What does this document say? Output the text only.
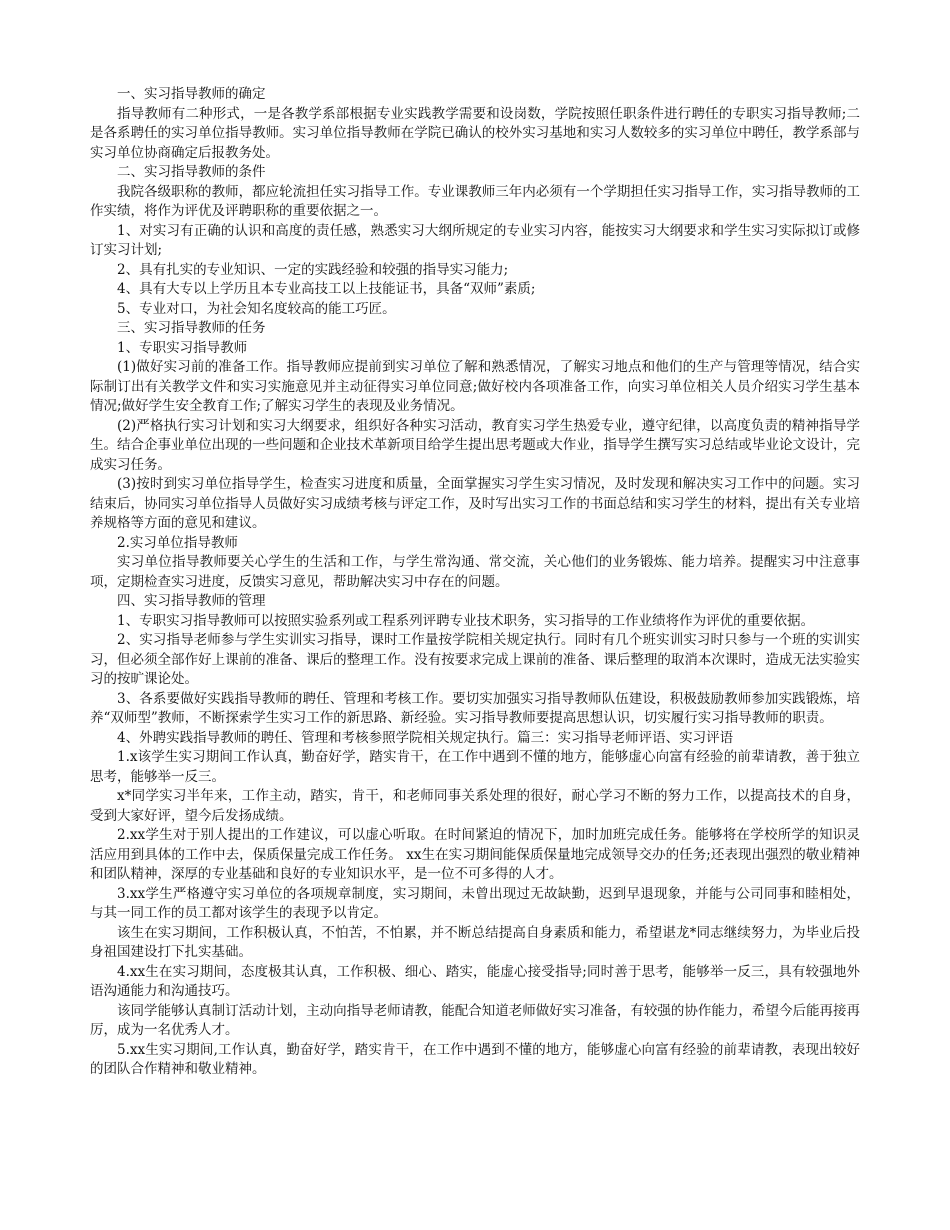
一、实习指导教师的确定

指导教师有二种形式，一是各教学系部根据专业实践教学需要和设岗数，学院按照任职条件进行聘任的专职实习指导教师;二是各系聘任的实习单位指导教师。实习单位指导教师在学院已确认的校外实习基地和实习人数较多的实习单位中聘任，教学系部与实习单位协商确定后报教务处。

二、实习指导教师的条件

我院各级职称的教师，都应轮流担任实习指导工作。专业课教师三年内必须有一个学期担任实习指导工作，实习指导教师的工作实绩，将作为评优及评聘职称的重要依据之一。

1、对实习有正确的认识和高度的责任感，熟悉实习大纲所规定的专业实习内容，能按实习大纲要求和学生实习实际拟订或修订实习计划;

2、具有扎实的专业知识、一定的实践经验和较强的指导实习能力;

4、具有大专以上学历且本专业高技工以上技能证书，具备“双师”素质;

5、专业对口，为社会知名度较高的能工巧匠。

三、实习指导教师的任务

1、专职实习指导教师

(1)做好实习前的准备工作。指导教师应提前到实习单位了解和熟悉情况，了解实习地点和他们的生产与管理等情况，结合实际制订出有关教学文件和实习实施意见并主动征得实习单位同意;做好校内各项准备工作，向实习单位相关人员介绍实习学生基本情况;做好学生安全教育工作;了解实习学生的表现及业务情况。

(2)严格执行实习计划和实习大纲要求，组织好各种实习活动，教育实习学生热爱专业，遵守纪律，以高度负责的精神指导学生。结合企事业单位出现的一些问题和企业技术革新项目给学生提出思考题或大作业，指导学生撰写实习总结或毕业论文设计，完成实习任务。

(3)按时到实习单位指导学生，检查实习进度和质量，全面掌握实习学生实习情况，及时发现和解决实习工作中的问题。实习结束后，协同实习单位指导人员做好实习成绩考核与评定工作，及时写出实习工作的书面总结和实习学生的材料，提出有关专业培养规格等方面的意见和建议。

2.实习单位指导教师

实习单位指导教师要关心学生的生活和工作，与学生常沟通、常交流，关心他们的业务锻炼、能力培养。提醒实习中注意事项，定期检查实习进度，反馈实习意见，帮助解决实习中存在的问题。

四、实习指导教师的管理

1、专职实习指导教师可以按照实验系列或工程系列评聘专业技术职务，实习指导的工作业绩将作为评优的重要依据。

2、实习指导老师参与学生实训实习指导，课时工作量按学院相关规定执行。同时有几个班实训实习时只参与一个班的实训实习，但必须全部作好上课前的准备、课后的整理工作。没有按要求完成上课前的准备、课后整理的取消本次课时，造成无法实验实习的按旷课论处。

3、各系要做好实践指导教师的聘任、管理和考核工作。要切实加强实习指导教师队伍建设，积极鼓励教师参加实践锻炼，培养“双师型”教师，不断探索学生实习工作的新思路、新经验。实习指导教师要提高思想认识，切实履行实习指导教师的职责。

4、外聘实践指导教师的聘任、管理和考核参照学院相关规定执行。篇三：实习指导老师评语、实习评语

1.x该学生实习期间工作认真，勤奋好学，踏实肯干，在工作中遇到不懂的地方，能够虚心向富有经验的前辈请教，善于独立思考，能够举一反三。

x*同学实习半年来，工作主动，踏实，肯干，和老师同事关系处理的很好，耐心学习不断的努力工作，以提高技术的自身，受到大家好评，望今后发扬成绩。

2.xx学生对于别人提出的工作建议，可以虚心听取。在时间紧迫的情况下，加时加班完成任务。能够将在学校所学的知识灵活应用到具体的工作中去，保质保量完成工作任务。 xx生在实习期间能保质保量地完成领导交办的任务;还表现出强烈的敬业精神和团队精神，深厚的专业基础和良好的专业知识水平，是一位不可多得的人才。

3.xx学生严格遵守实习单位的各项规章制度，实习期间，未曾出现过无故缺勤，迟到早退现象，并能与公司同事和睦相处，与其一同工作的员工都对该学生的表现予以肯定。

该生在实习期间，工作积极认真，不怕苦，不怕累，并不断总结提高自身素质和能力，希望谌龙*同志继续努力，为毕业后投身祖国建设打下扎实基础。

4.xx生在实习期间，态度极其认真，工作积极、细心、踏实，能虚心接受指导;同时善于思考，能够举一反三，具有较强地外语沟通能力和沟通技巧。

该同学能够认真制订活动计划，主动向指导老师请教，能配合知道老师做好实习准备，有较强的协作能力，希望今后能再接再厉，成为一名优秀人才。

5.xx生实习期间,工作认真，勤奋好学，踏实肯干，在工作中遇到不懂的地方，能够虚心向富有经验的前辈请教，表现出较好的团队合作精神和敬业精神。
